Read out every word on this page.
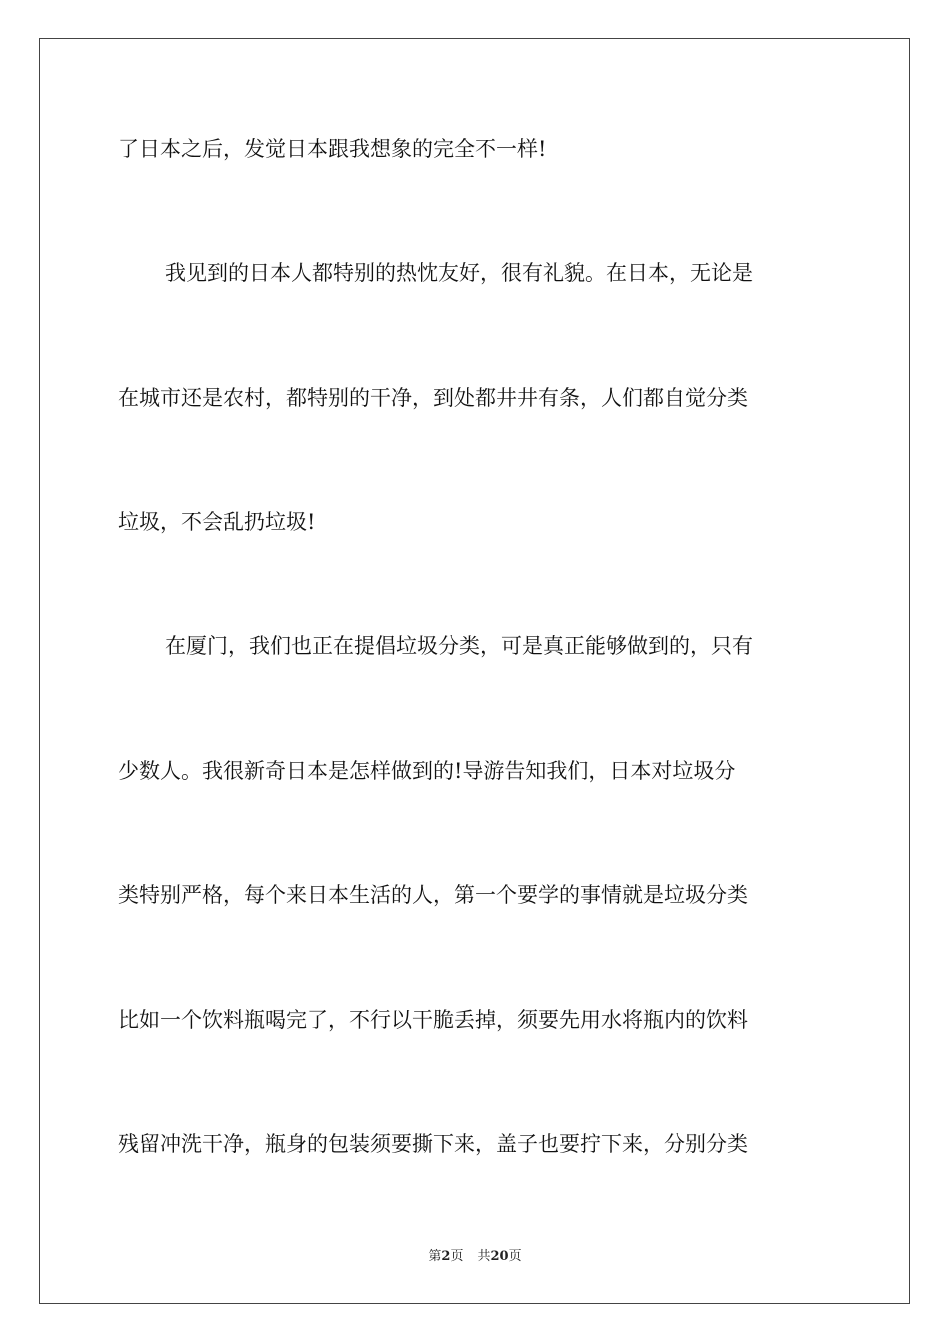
了日本之后，发觉日本跟我想象的完全不一样!
我见到的日本人都特别的热忱友好，很有礼貌。在日本，无论是
在城市还是农村，都特别的干净，到处都井井有条，人们都自觉分类
垃圾，不会乱扔垃圾!
在厦门，我们也正在提倡垃圾分类，可是真正能够做到的，只有
少数人。我很新奇日本是怎样做到的!导游告知我们，日本对垃圾分
类特别严格，每个来日本生活的人，第一个要学的事情就是垃圾分类
比如一个饮料瓶喝完了，不行以干脆丢掉，须要先用水将瓶内的饮料
残留冲洗干净，瓶身的包装须要撕下来，盖子也要拧下来，分别分类
第2页 共20页
